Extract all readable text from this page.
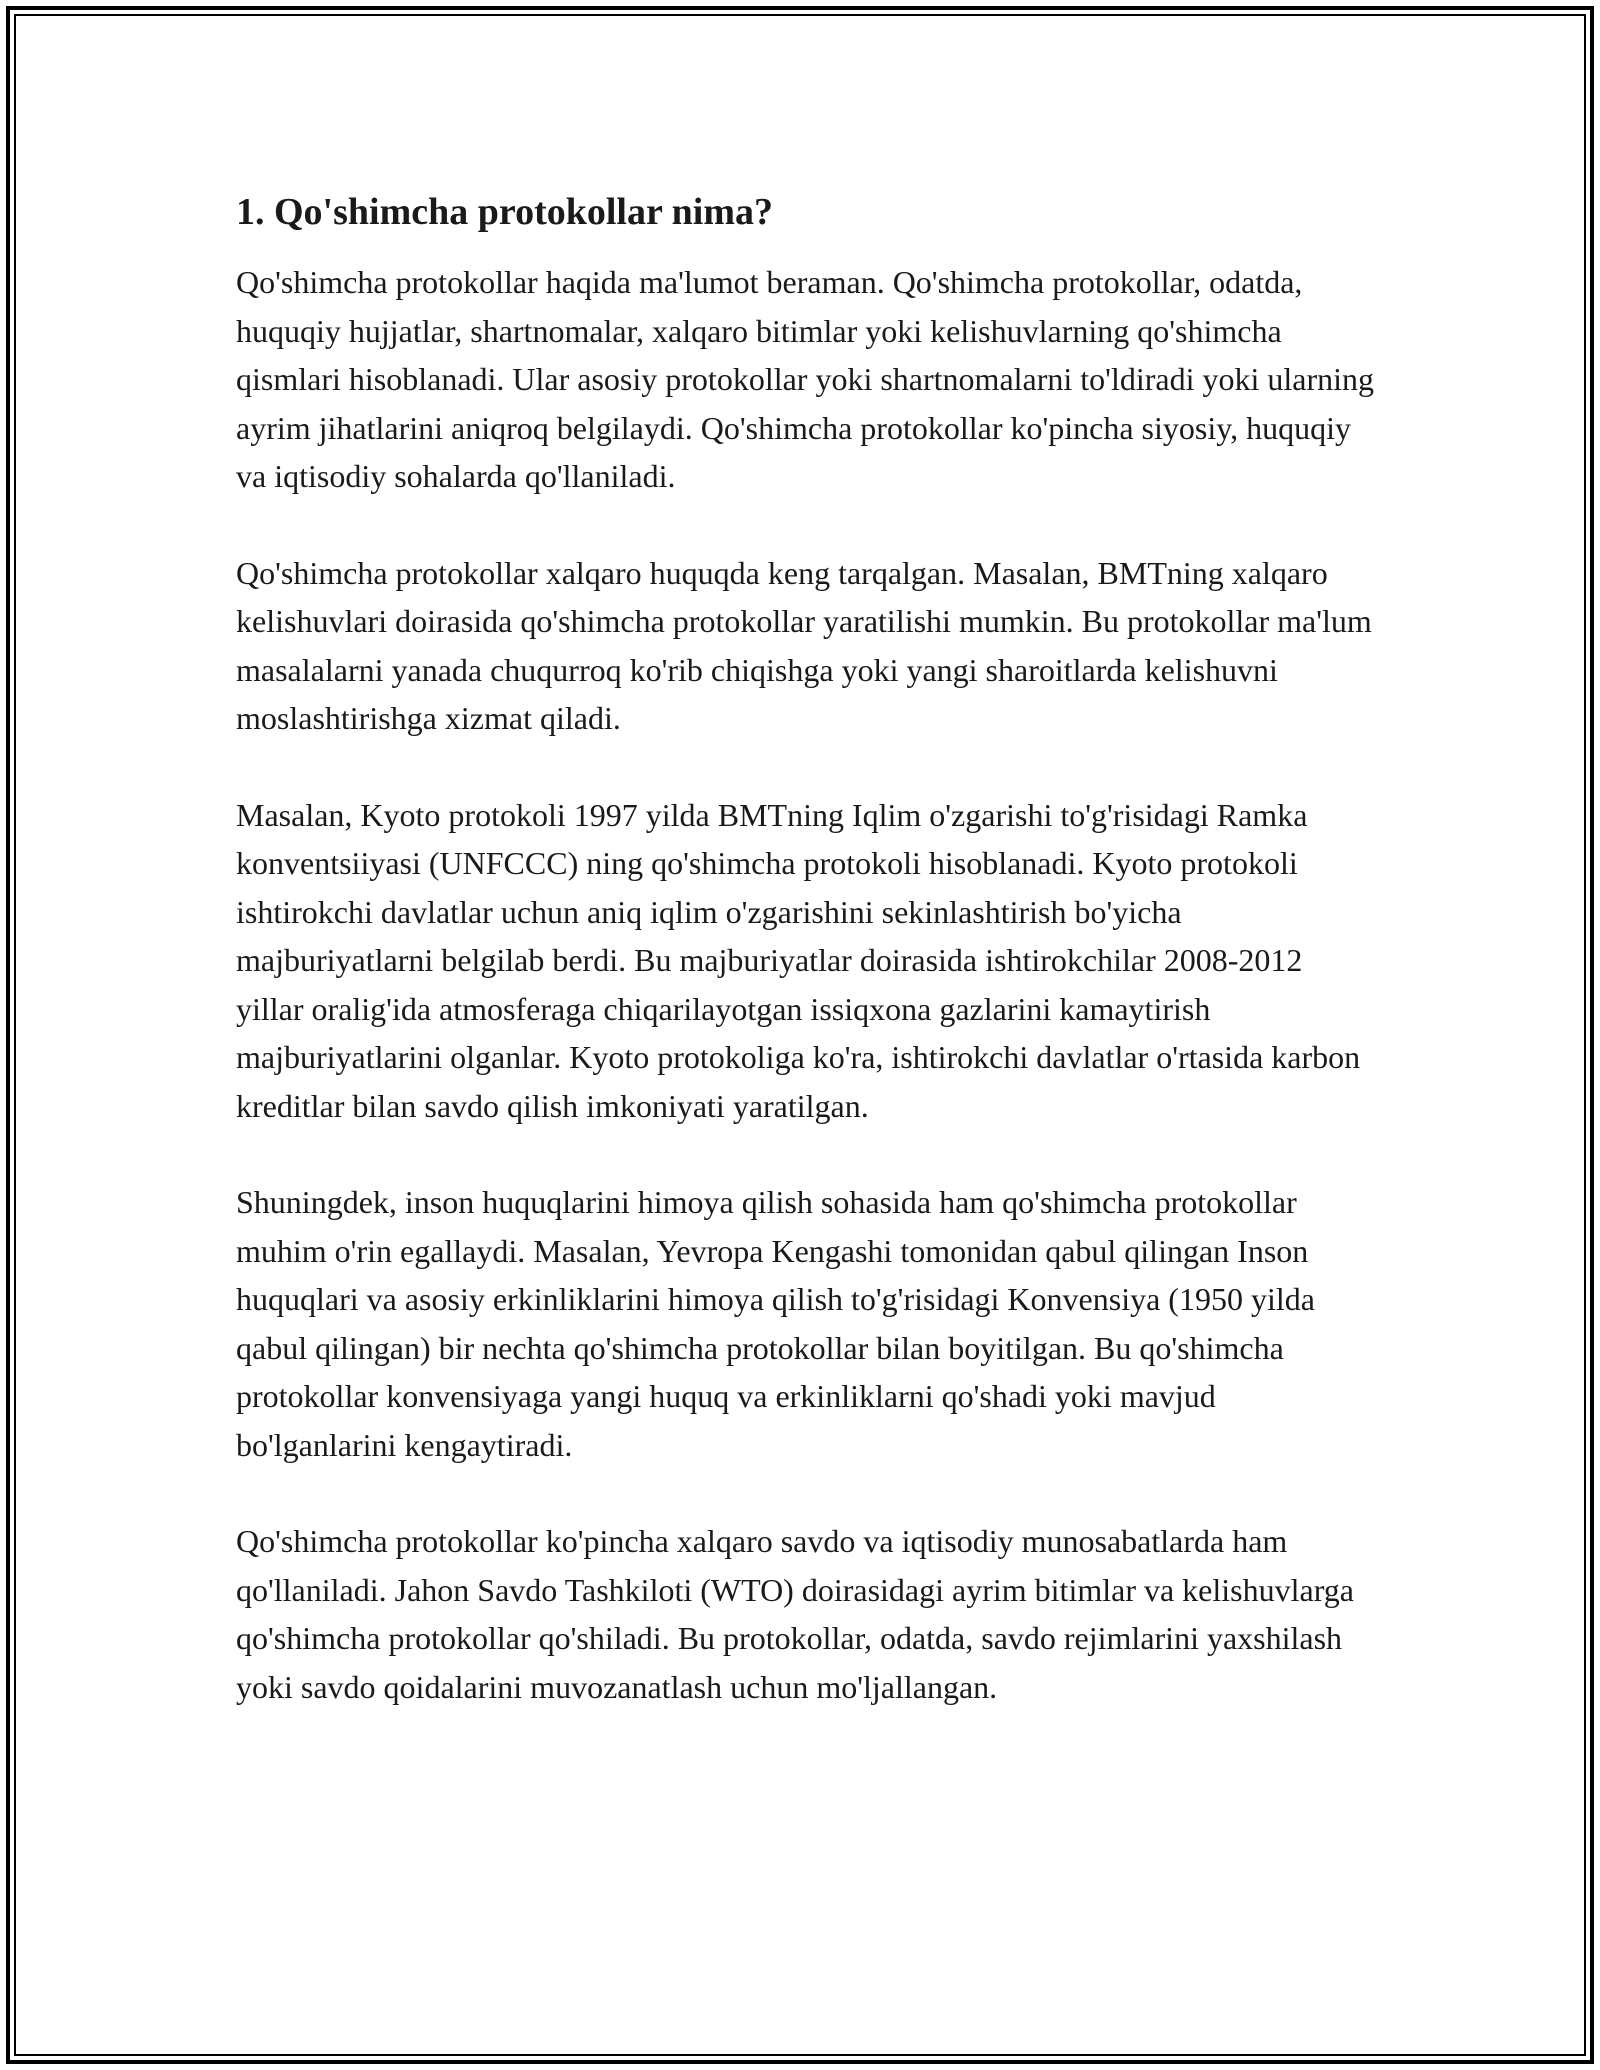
1. Qo'shimcha protokollar nima?

Qo'shimcha protokollar haqida ma'lumot beraman. Qo'shimcha protokollar, odatda, huquqiy hujjatlar, shartnomalar, xalqaro bitimlar yoki kelishuvlarning qo'shimcha qismlari hisoblanadi. Ular asosiy protokollar yoki shartnomalarni to'ldiradi yoki ularning ayrim jihatlarini aniqroq belgilaydi. Qo'shimcha protokollar ko'pincha siyosiy, huquqiy va iqtisodiy sohalarda qo'llaniladi.

Qo'shimcha protokollar xalqaro huquqda keng tarqalgan. Masalan, BMTning xalqaro kelishuvlari doirasida qo'shimcha protokollar yaratilishi mumkin. Bu protokollar ma'lum masalalarni yanada chuqurroq ko'rib chiqishga yoki yangi sharoitlarda kelishuvni moslashtirishga xizmat qiladi.

Masalan, Kyoto protokoli 1997 yilda BMTning Iqlim o'zgarishi to'g'risidagi Ramka konventsiiyasi (UNFCCC) ning qo'shimcha protokoli hisoblanadi. Kyoto protokoli ishtirokchi davlatlar uchun aniq iqlim o'zgarishini sekinlashtirish bo'yicha majburiyatlarni belgilab berdi. Bu majburiyatlar doirasida ishtirokchilar 2008-2012 yillar oralig'ida atmosferaga chiqarilayotgan issiqxona gazlarini kamaytirish majburiyatlarini olganlar. Kyoto protokoliga ko'ra, ishtirokchi davlatlar o'rtasida karbon kreditlar bilan savdo qilish imkoniyati yaratilgan.

Shuningdek, inson huquqlarini himoya qilish sohasida ham qo'shimcha protokollar muhim o'rin egallaydi. Masalan, Yevropa Kengashi tomonidan qabul qilingan Inson huquqlari va asosiy erkinliklarini himoya qilish to'g'risidagi Konvensiya (1950 yilda qabul qilingan) bir nechta qo'shimcha protokollar bilan boyitilgan. Bu qo'shimcha protokollar konvensiyaga yangi huquq va erkinliklarni qo'shadi yoki mavjud bo'lganlarini kengaytiradi.

Qo'shimcha protokollar ko'pincha xalqaro savdo va iqtisodiy munosabatlarda ham qo'llaniladi. Jahon Savdo Tashkiloti (WTO) doirasidagi ayrim bitimlar va kelishuvlarga qo'shimcha protokollar qo'shiladi. Bu protokollar, odatda, savdo rejimlarini yaxshilash yoki savdo qoidalarini muvozanatlash uchun mo'ljallangan.
